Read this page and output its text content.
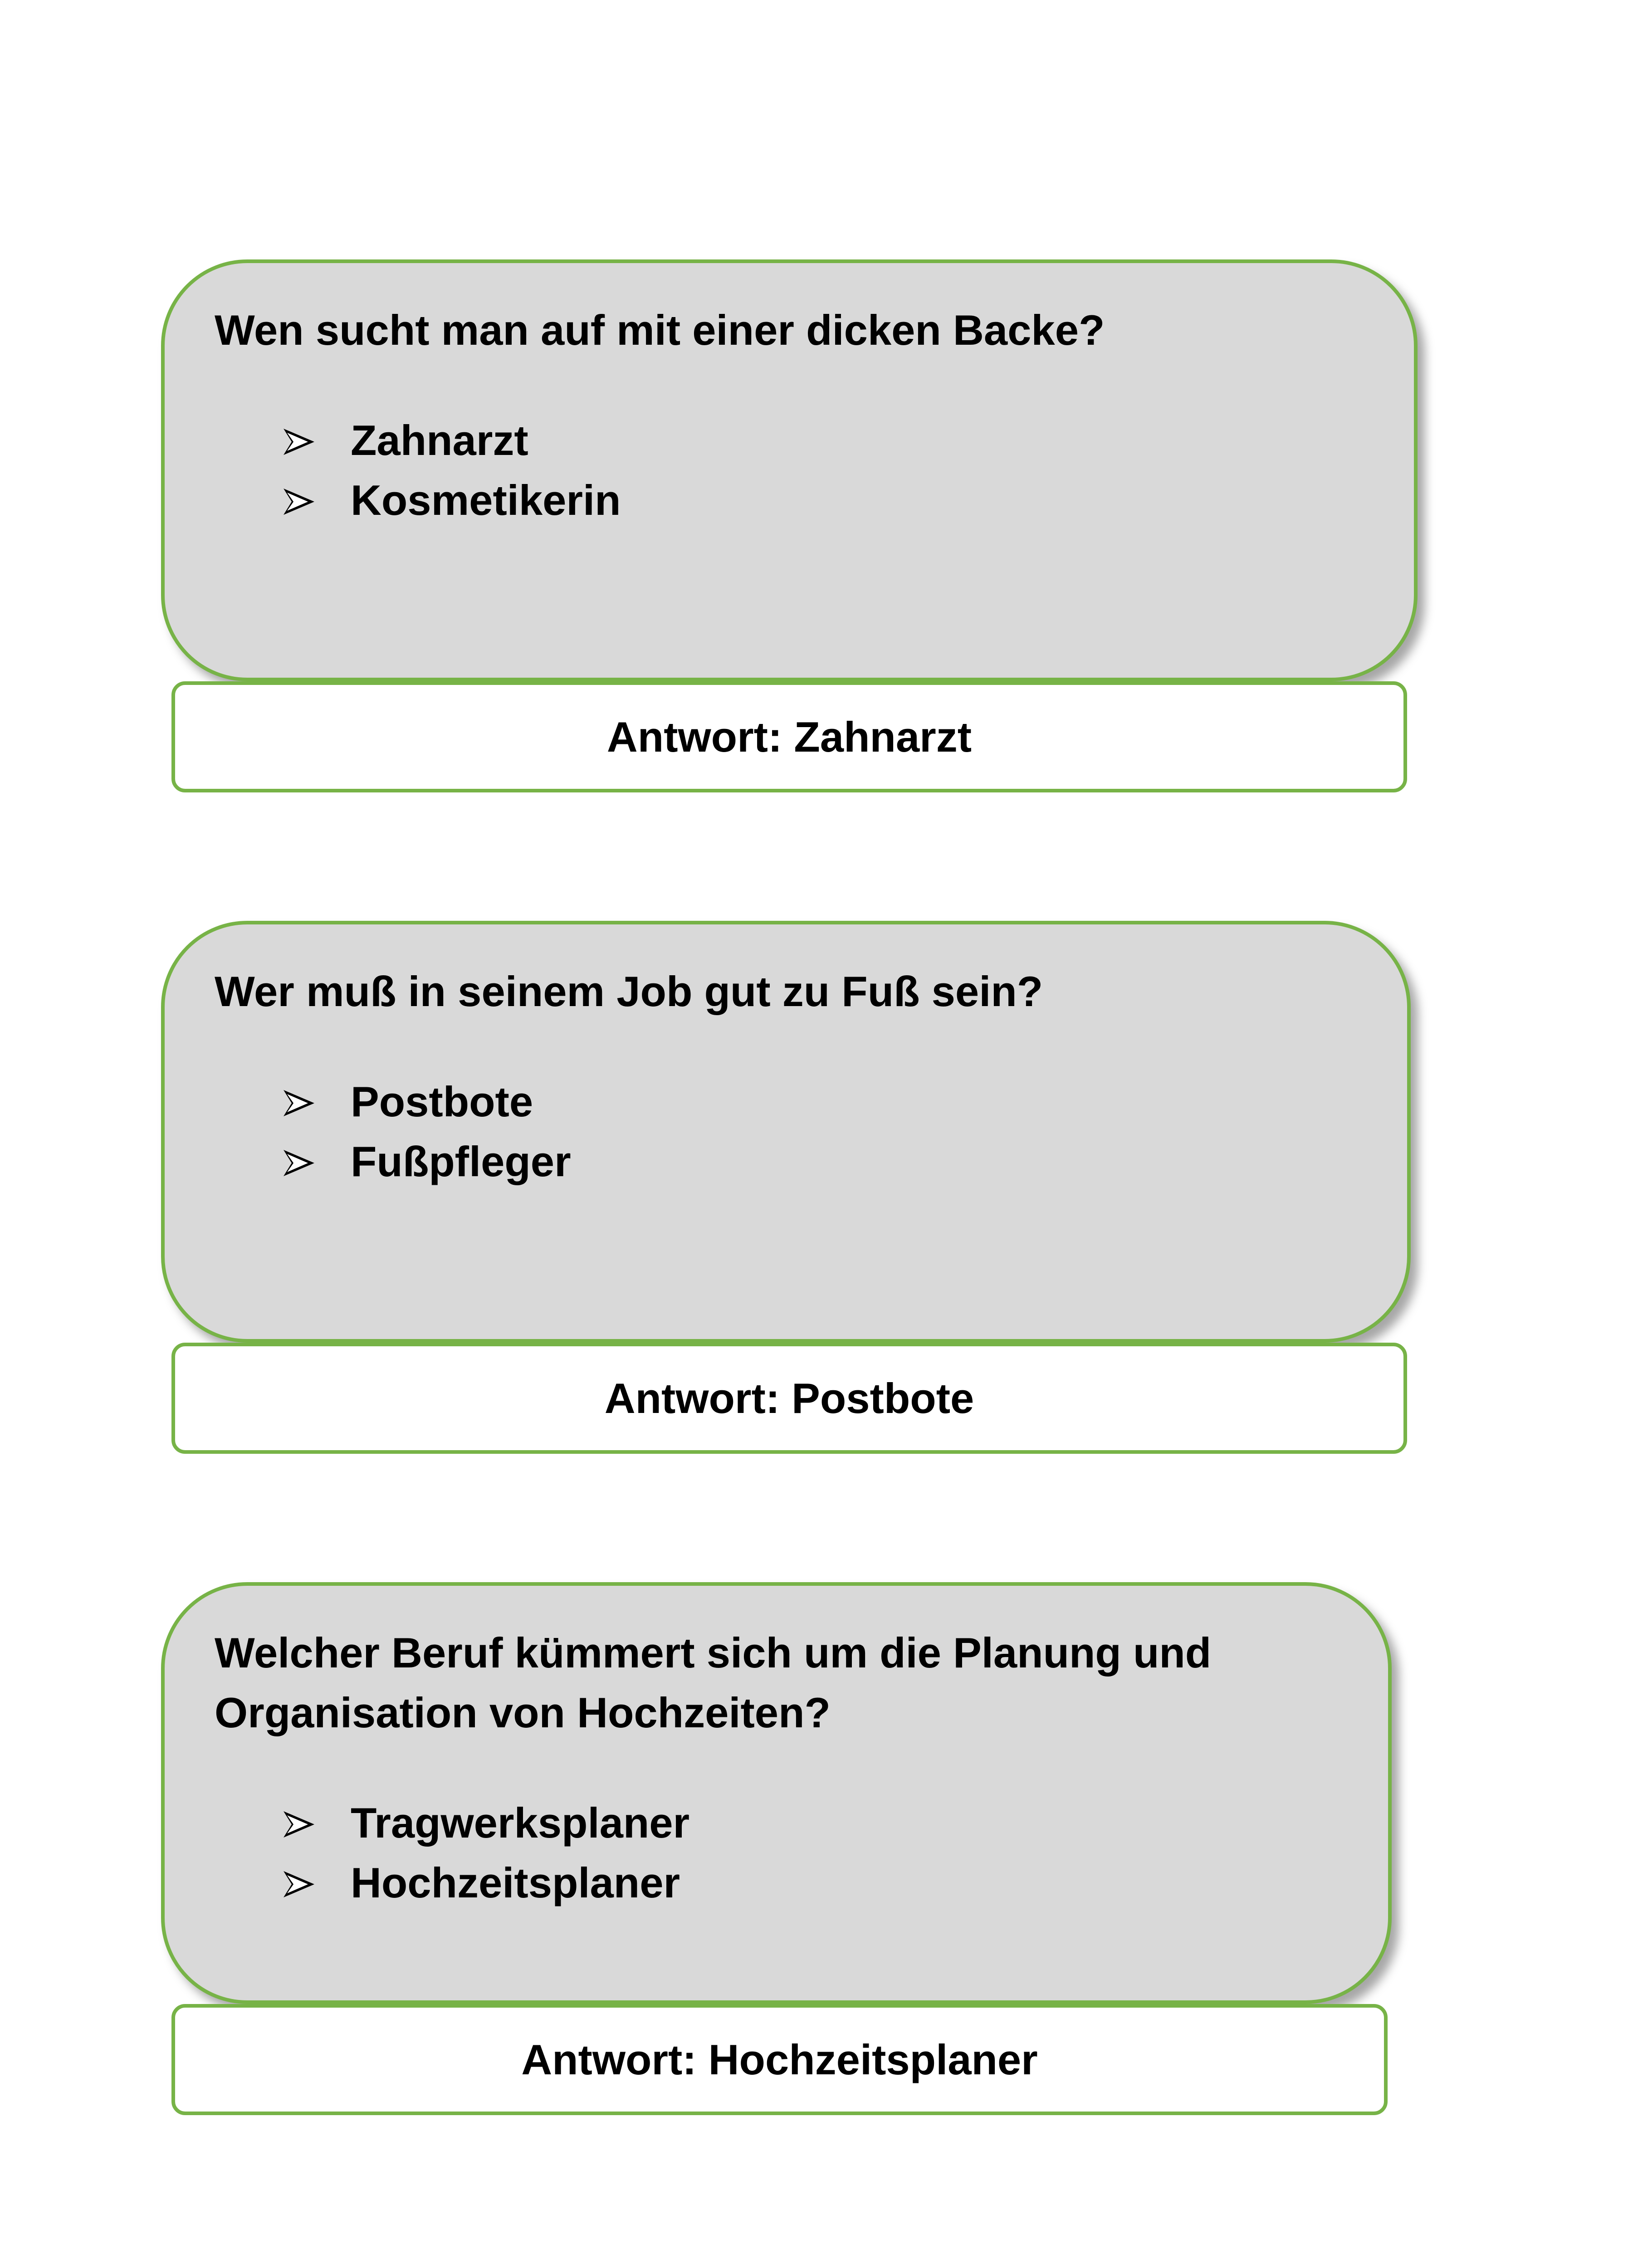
Wen sucht man auf mit einer dicken Backe?

Zahnarzt
Kosmetikerin
Antwort: Zahnarzt

Wer muß in seinem Job gut zu Fuß sein?

Postbote
Fußpfleger
Antwort: Postbote

Welcher Beruf kümmert sich um die Planung und
Organisation von Hochzeiten?

Tragwerksplaner
Hochzeitsplaner
Antwort: Hochzeitsplaner
